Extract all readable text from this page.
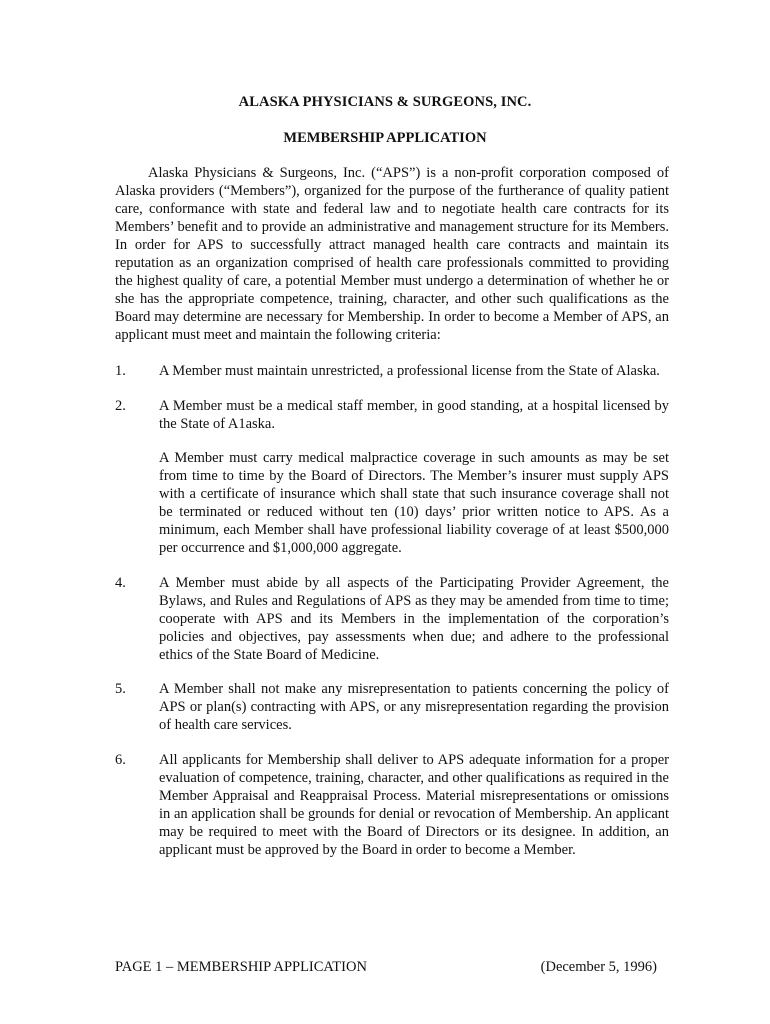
ALASKA PHYSICIANS & SURGEONS, INC.
MEMBERSHIP APPLICATION

Alaska Physicians & Surgeons, Inc. (“APS”) is a non-profit corporation composed of Alaska providers (“Members”), organized for the purpose of the furtherance of quality patient care, conformance with state and federal law and to negotiate health care contracts for its Members’ benefit and to provide an administrative and management structure for its Members. In order for APS to successfully attract managed health care contracts and maintain its reputation as an organization comprised of health care professionals committed to providing the highest quality of care, a potential Member must undergo a determination of whether he or she has the appropriate competence, training, character, and other such qualifications as the Board may determine are necessary for Membership. In order to become a Member of APS, an applicant must meet and maintain the following criteria:

1.	A Member must maintain unrestricted, a professional license from the State of Alaska.
2.	A Member must be a medical staff member, in good standing, at a hospital licensed by the State of A1aska.
A Member must carry medical malpractice coverage in such amounts as may be set from time to time by the Board of Directors. The Member’s insurer must supply APS with a certificate of insurance which shall state that such insurance coverage shall not be terminated or reduced without ten (10) days’ prior written notice to APS. As a minimum, each Member shall have professional liability coverage of at least $500,000 per occurrence and $1,000,000 aggregate.
4.	A Member must abide by all aspects of the Participating Provider Agreement, the Bylaws, and Rules and Regulations of APS as they may be amended from time to time; cooperate with APS and its Members in the implementation of the corporation’s policies and objectives, pay assessments when due; and adhere to the professional ethics of the State Board of Medicine.
5.	A Member shall not make any misrepresentation to patients concerning the policy of APS or plan(s) contracting with APS, or any misrepresentation regarding the provision of health care services.
6.	All applicants for Membership shall deliver to APS adequate information for a proper evaluation of competence, training, character, and other qualifications as required in the Member Appraisal and Reappraisal Process. Material misrepresentations or omissions in an application shall be grounds for denial or revocation of Membership. An applicant may be required to meet with the Board of Directors or its designee. In addition, an applicant must be approved by the Board in order to become a Member.
PAGE 1 – MEMBERSHIP APPLICATION	(December 5, 1996)
